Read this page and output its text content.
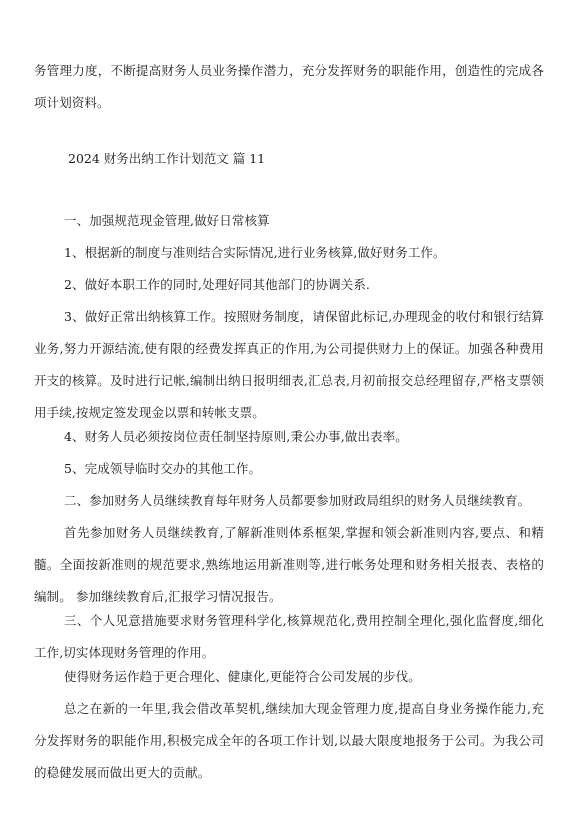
务管理力度，不断提高财务人员业务操作潜力，充分发挥财务的职能作用，创造性的完成各项计划资料。

2024 财务出纳工作计划范文 篇 11

一、加强规范现金管理,做好日常核算

1、根据新的制度与准则结合实际情况,进行业务核算,做好财务工作。

2、做好本职工作的同时,处理好同其他部门的协调关系.

3、做好正常出纳核算工作。按照财务制度，请保留此标记,办理现金的收付和银行结算业务,努力开源结流,使有限的经费发挥真正的作用,为公司提供财力上的保证。加强各种费用开支的核算。及时进行记帐,编制出纳日报明细表,汇总表,月初前报交总经理留存,严格支票领用手续,按规定签发现金以票和转帐支票。

4、财务人员必须按岗位责任制坚持原则,秉公办事,做出表率。

5、完成领导临时交办的其他工作。

二、参加财务人员继续教育每年财务人员都要参加财政局组织的财务人员继续教育。

首先参加财务人员继续教育,了解新准则体系框架,掌握和领会新准则内容,要点、和精髓。全面按新准则的规范要求,熟练地运用新准则等,进行帐务处理和财务相关报表、表格的编制。 参加继续教育后,汇报学习情况报告。

三、个人见意措施要求财务管理科学化,核算规范化,费用控制全理化,强化监督度,细化工作,切实体现财务管理的作用。

使得财务运作趋于更合理化、健康化,更能符合公司发展的步伐。

总之在新的一年里,我会借改革契机,继续加大现金管理力度,提高自身业务操作能力,充分发挥财务的职能作用,积极完成全年的各项工作计划,以最大限度地报务于公司。为我公司的稳健发展而做出更大的贡献。
